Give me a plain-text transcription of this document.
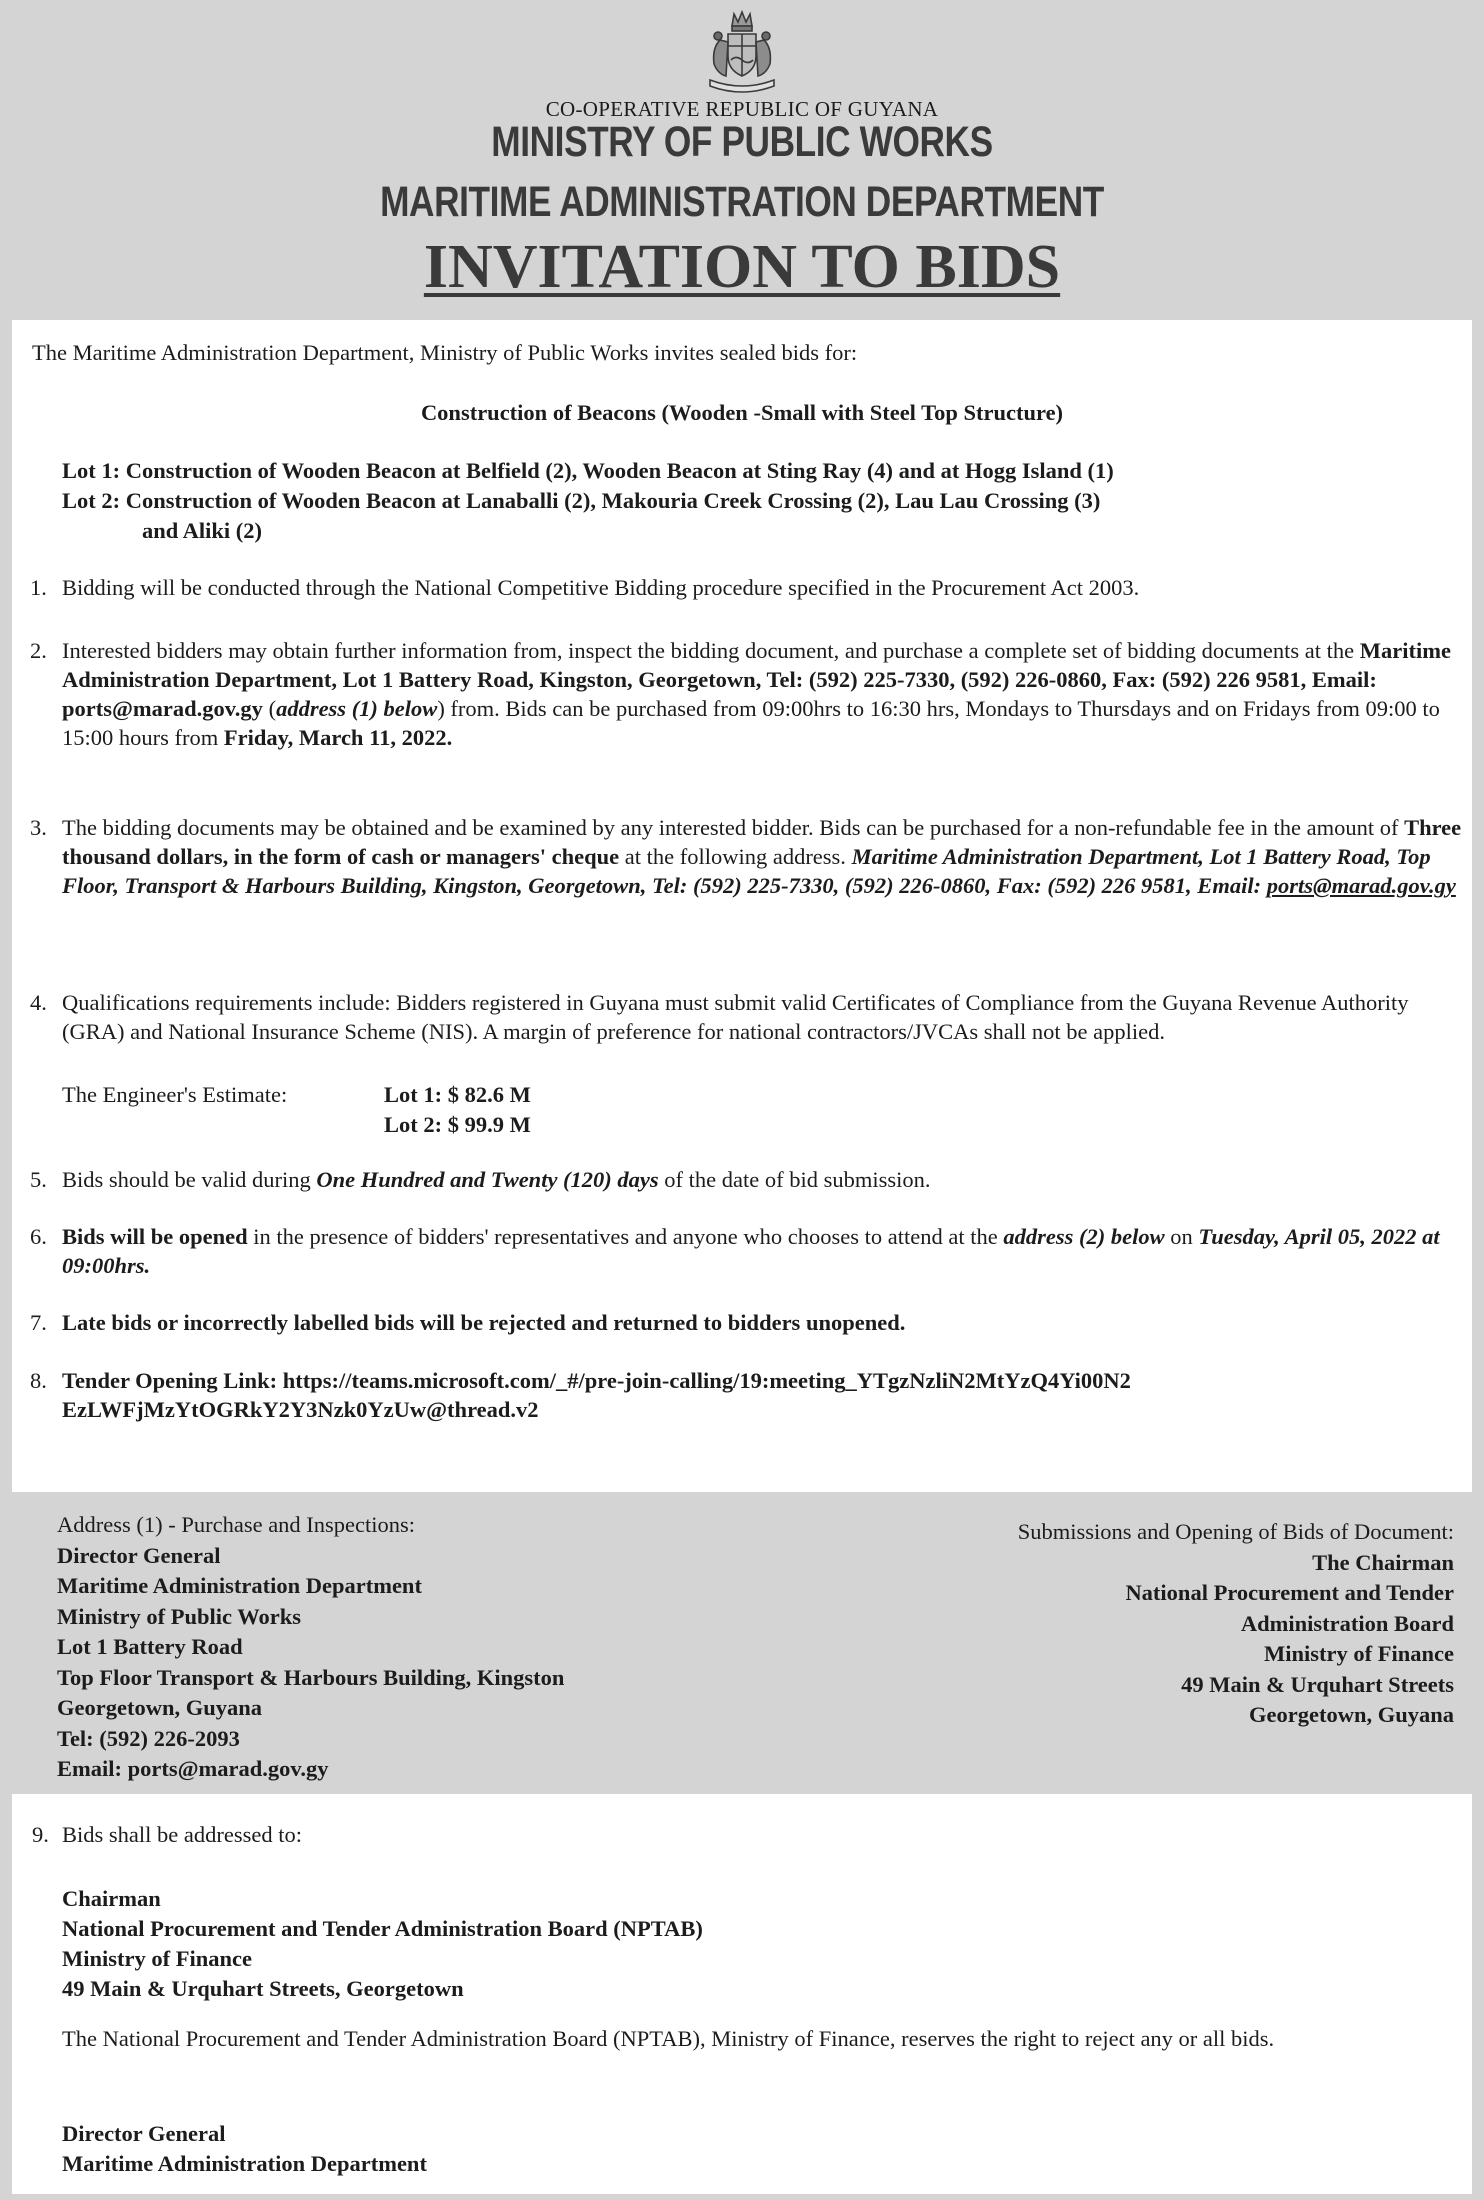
CO-OPERATIVE REPUBLIC OF GUYANA
MINISTRY OF PUBLIC WORKS
MARITIME ADMINISTRATION DEPARTMENT
INVITATION TO BIDS

The Maritime Administration Department, Ministry of Public Works invites sealed bids for:

Construction of Beacons (Wooden -Small with Steel Top Structure)

Lot 1: Construction of Wooden Beacon at Belfield (2), Wooden Beacon at Sting Ray (4) and at Hogg Island (1)

Lot 2: Construction of Wooden Beacon at Lanaballi (2), Makouria Creek Crossing (2), Lau Lau Crossing (3)

and Aliki (2)

1. Bidding will be conducted through the National Competitive Bidding procedure specified in the Procurement Act 2003.
2. Interested bidders may obtain further information from, inspect the bidding document, and purchase a complete set of bidding documents at the Maritime Administration Department, Lot 1 Battery Road, Kingston, Georgetown, Tel: (592) 225-7330, (592) 226-0860, Fax: (592) 226 9581, Email: ports@marad.gov.gy (address (1) below) from. Bids can be purchased from 09:00hrs to 16:30 hrs, Mondays to Thursdays and on Fridays from 09:00 to 15:00 hours from Friday, March 11, 2022.
3. The bidding documents may be obtained and be examined by any interested bidder. Bids can be purchased for a non-refundable fee in the amount of Three thousand dollars, in the form of cash or managers' cheque at the following address. Maritime Administration Department, Lot 1 Battery Road, Top Floor, Transport & Harbours Building, Kingston, Georgetown, Tel: (592) 225-7330, (592) 226-0860, Fax: (592) 226 9581, Email: ports@marad.gov.gy
4. Qualifications requirements include: Bidders registered in Guyana must submit valid Certificates of Compliance from the Guyana Revenue Authority (GRA) and National Insurance Scheme (NIS). A margin of preference for national contractors/JVCAs shall not be applied.

The Engineer's Estimate:	Lot 1: $ 82.6 M

Lot 2: $ 99.9 M

5. Bids should be valid during One Hundred and Twenty (120) days of the date of bid submission.
6. Bids will be opened in the presence of bidders' representatives and anyone who chooses to attend at the address (2) below on Tuesday, April 05, 2022 at 09:00hrs.
7. Late bids or incorrectly labelled bids will be rejected and returned to bidders unopened.
8. Tender Opening Link: https://teams.microsoft.com/_#/pre-join-calling/19:meeting_YTgzNzliN2MtYzQ4Yi00N2
EzLWFjMzYtOGRkY2Y3Nzk0YzUw@thread.v2
Address (1) - Purchase and Inspections:
Director General
Maritime Administration Department
Ministry of Public Works
Lot 1 Battery Road
Top Floor Transport & Harbours Building, Kingston
Georgetown, Guyana
Tel: (592) 226-2093
Email: ports@marad.gov.gy
Submissions and Opening of Bids of Document:
The Chairman
National Procurement and Tender
Administration Board
Ministry of Finance
49 Main & Urquhart Streets
Georgetown, Guyana
9. Bids shall be addressed to:

Chairman
National Procurement and Tender Administration Board (NPTAB)
Ministry of Finance
49 Main & Urquhart Streets, Georgetown
The National Procurement and Tender Administration Board (NPTAB), Ministry of Finance, reserves the right to reject any or all bids.
Director General
Maritime Administration Department
